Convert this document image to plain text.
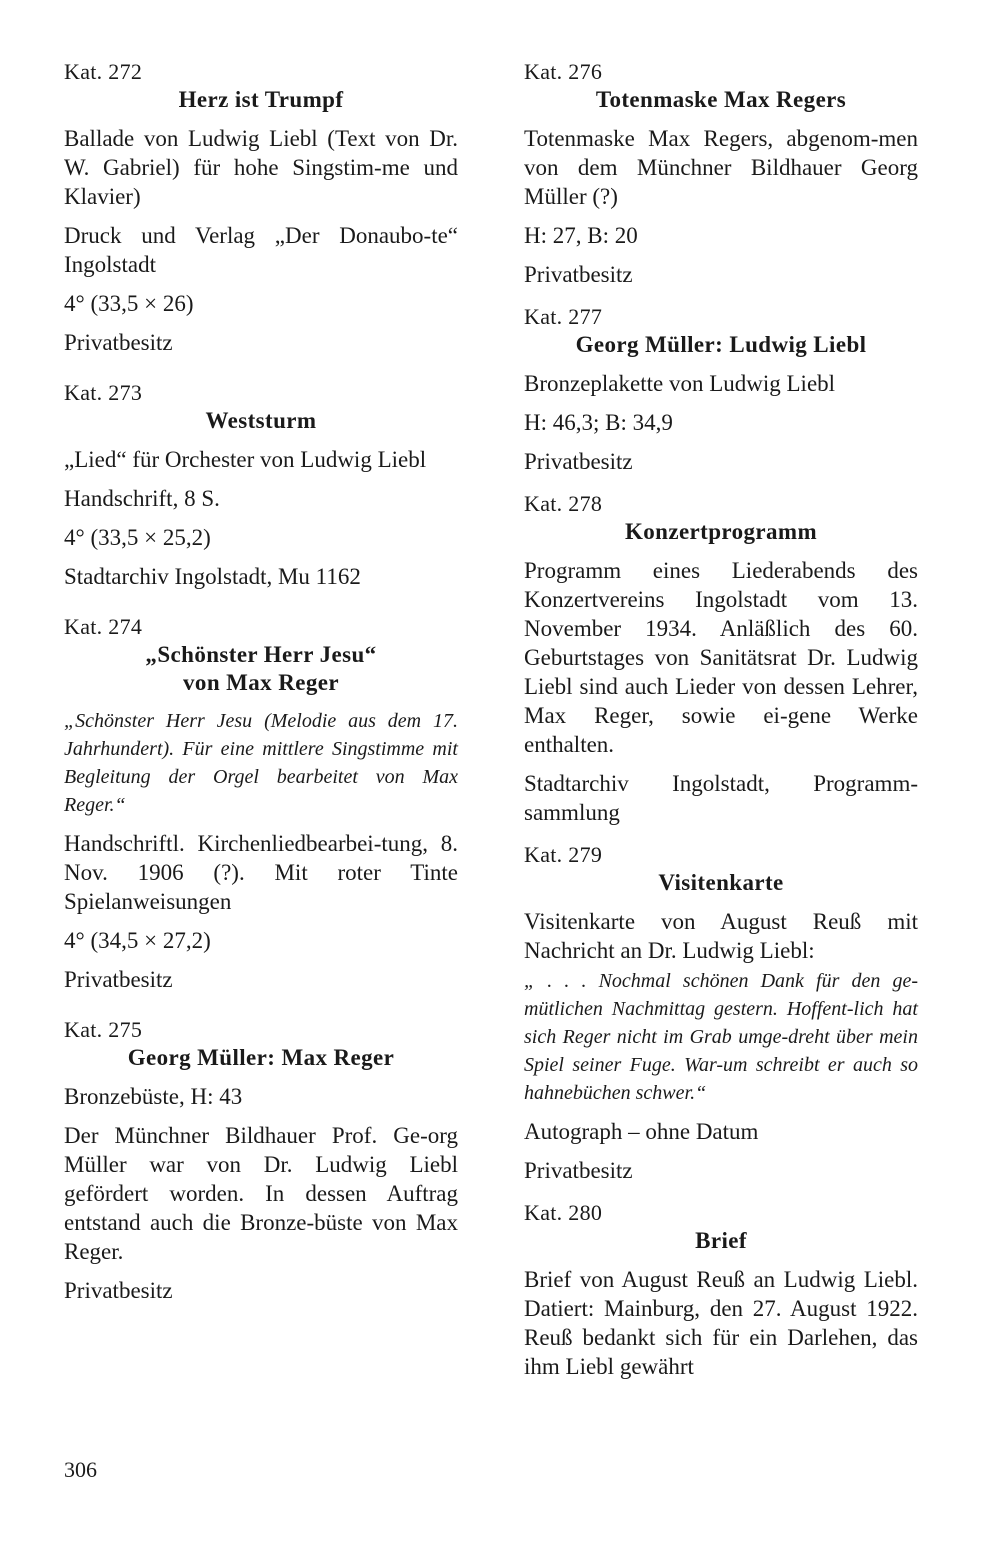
Kat. 272
Herz ist Trumpf

Ballade von Ludwig Liebl (Text von Dr. W. Gabriel) für hohe Singstim-me und Klavier)

Druck und Verlag „Der Donaubo-te“ Ingolstadt

4° (33,5 × 26)

Privatbesitz

Kat. 273
Weststurm

„Lied“ für Orchester von Ludwig Liebl

Handschrift, 8 S.

4° (33,5 × 25,2)

Stadtarchiv Ingolstadt, Mu 1162

Kat. 274
„Schönster Herr Jesu“
von Max Reger

„Schönster Herr Jesu (Melodie aus dem 17. Jahrhundert). Für eine mittlere Singstimme mit Begleitung der Orgel bearbeitet von Max Reger.“

Handschriftl. Kirchenliedbearbei-tung, 8. Nov. 1906 (?). Mit roter Tinte Spielanweisungen

4° (34,5 × 27,2)

Privatbesitz

Kat. 275
Georg Müller: Max Reger

Bronzebüste, H: 43

Der Münchner Bildhauer Prof. Ge-org Müller war von Dr. Ludwig Liebl gefördert worden. In dessen Auftrag entstand auch die Bronze-büste von Max Reger.

Privatbesitz

Kat. 276
Totenmaske Max Regers

Totenmaske Max Regers, abgenom-men von dem Münchner Bildhauer Georg Müller (?)

H: 27, B: 20

Privatbesitz

Kat. 277
Georg Müller: Ludwig Liebl

Bronzeplakette von Ludwig Liebl

H: 46,3; B: 34,9

Privatbesitz

Kat. 278
Konzertprogramm

Programm eines Liederabends des Konzertvereins Ingolstadt vom 13. November 1934. Anläßlich des 60. Geburtstages von Sanitätsrat Dr. Ludwig Liebl sind auch Lieder von dessen Lehrer, Max Reger, sowie ei-gene Werke enthalten.

Stadtarchiv Ingolstadt, Programm-sammlung

Kat. 279
Visitenkarte

Visitenkarte von August Reuß mit Nachricht an Dr. Ludwig Liebl:

„ . . . Nochmal schönen Dank für den ge-mütlichen Nachmittag gestern. Hoffent-lich hat sich Reger nicht im Grab umge-dreht über mein Spiel seiner Fuge. War-um schreibt er auch so hahnebüchen schwer.“

Autograph – ohne Datum

Privatbesitz

Kat. 280
Brief

Brief von August Reuß an Ludwig Liebl. Datiert: Mainburg, den 27. August 1922. Reuß bedankt sich für ein Darlehen, das ihm Liebl gewährt

306
